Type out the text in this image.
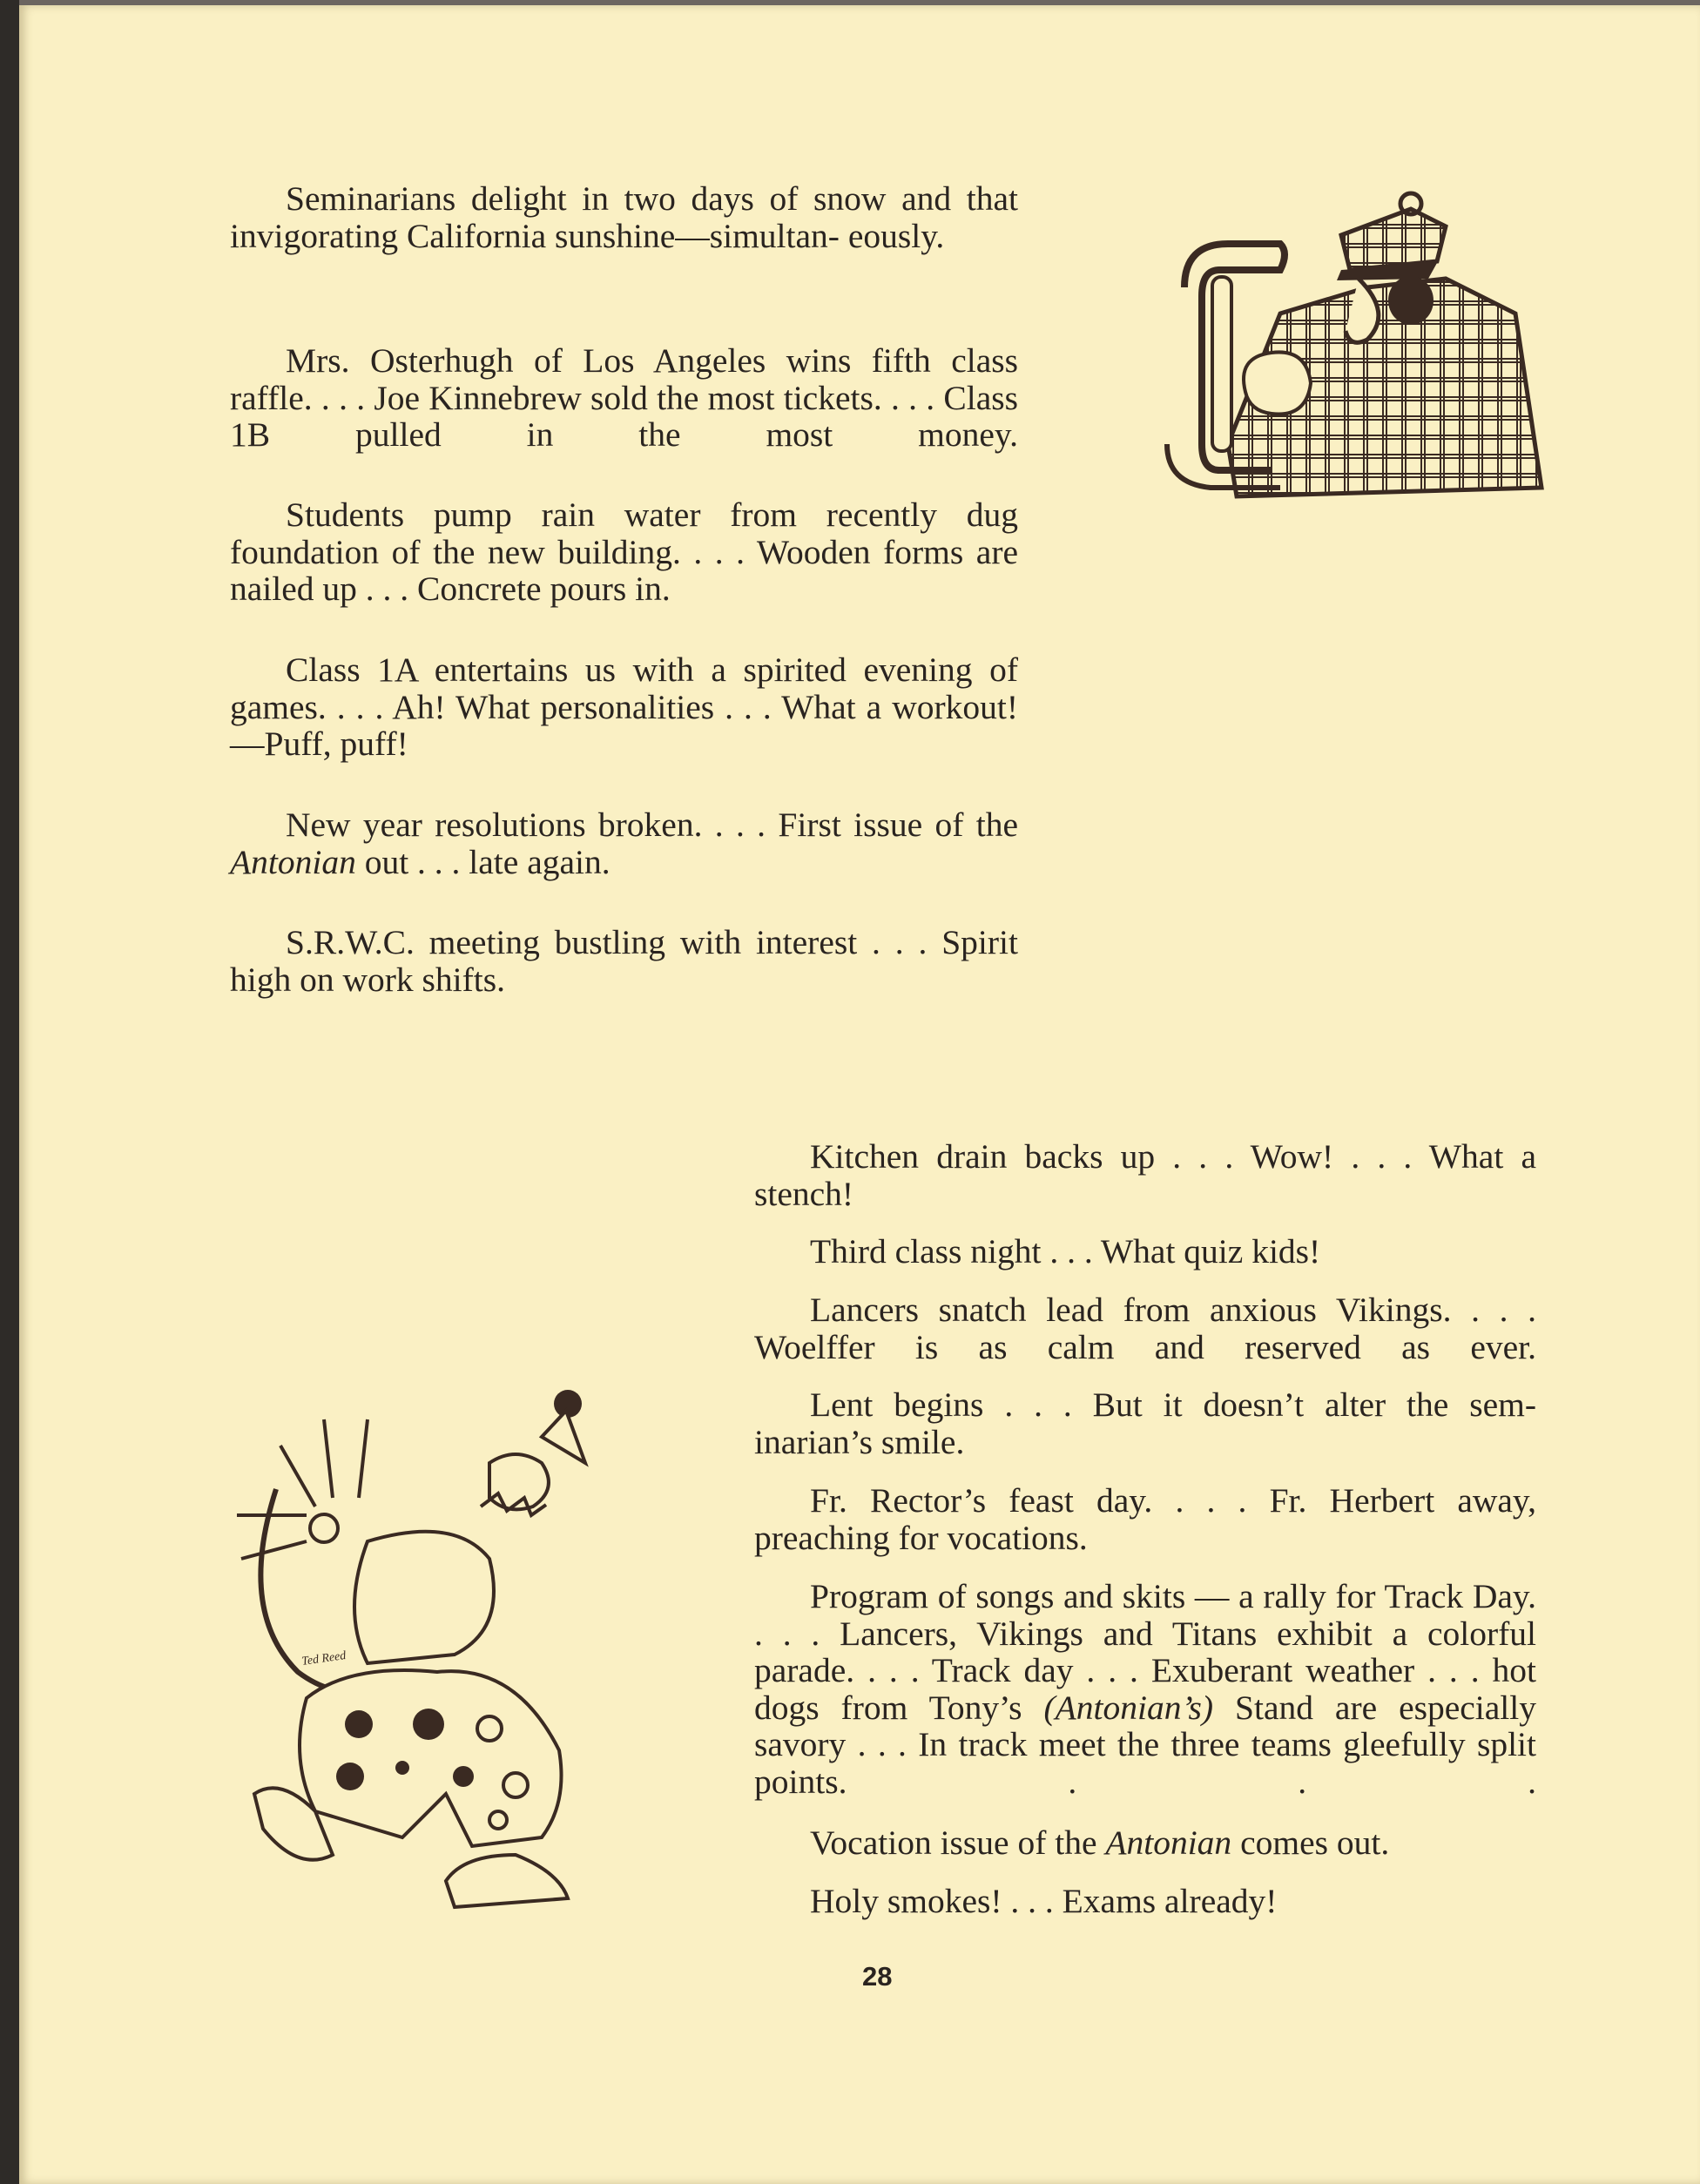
Seminarians delight in two days of snow and that invigorating California sunshine—simultan- eously.

Mrs. Osterhugh of Los Angeles wins fifth class raffle. . . . Joe Kinnebrew sold the most tickets. . . . Class 1B pulled in the most money.

Students pump rain water from recently dug foundation of the new building. . . . Wooden forms are nailed up . . . Concrete pours in.

Class 1A entertains us with a spirited evening of games. . . . Ah! What personalities . . . What a workout!—Puff, puff!

New year resolutions broken. . . . First issue of the Antonian out . . . late again.

S.R.W.C. meeting bustling with interest . . . Spirit high on work shifts.

Kitchen drain backs up . . . Wow! . . . What a stench!

Third class night . . . What quiz kids!

Lancers snatch lead from anxious Vikings. . . . Woelffer is as calm and reserved as ever.

Lent begins . . . But it doesn’t alter the sem- inarian’s smile.

Fr. Rector’s feast day. . . . Fr. Herbert away, preaching for vocations.

Program of songs and skits — a rally for Track Day. . . . Lancers, Vikings and Titans exhibit a colorful parade. . . . Track day . . . Exuberant weather . . . hot dogs from Tony’s (Antonian’s) Stand are especially savory . . . In track meet the three teams gleefully split points. . . .

Vocation issue of the Antonian comes out.

Holy smokes! . . . Exams already!

Ted Reed
28
